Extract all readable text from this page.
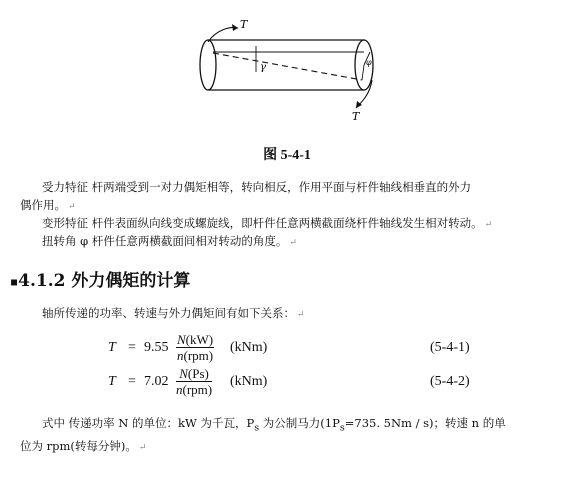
γ	φ
T
T
图 5-4-1
受力特征 杆两端受到一对力偶矩相等，转向相反，作用平面与杆件轴线相垂直的外力
偶作用。 ↵
变形特征 杆件表面纵向线变成螺旋线，即杆件任意两横截面绕杆件轴线发生相对转动。 ↵
扭转角 φ 杆件任意两横截面间相对转动的角度。 ↵
▪4.1.2 外力偶矩的计算
轴所传递的功率、转速与外力偶矩间有如下关系： ↵
T = 9.55
N(kW)
n(rpm)
(kNm)	(5-4-1)
T = 7.02
N(Ps)
n(rpm)
(kNm)	(5-4-2)
式中 传递功率 N 的单位：kW 为千瓦，$P_s$ 为公制马力($1P_s=735$. 5Nm / s)；转速 n 的单
位为 rpm(转每分钟)。 ↵
